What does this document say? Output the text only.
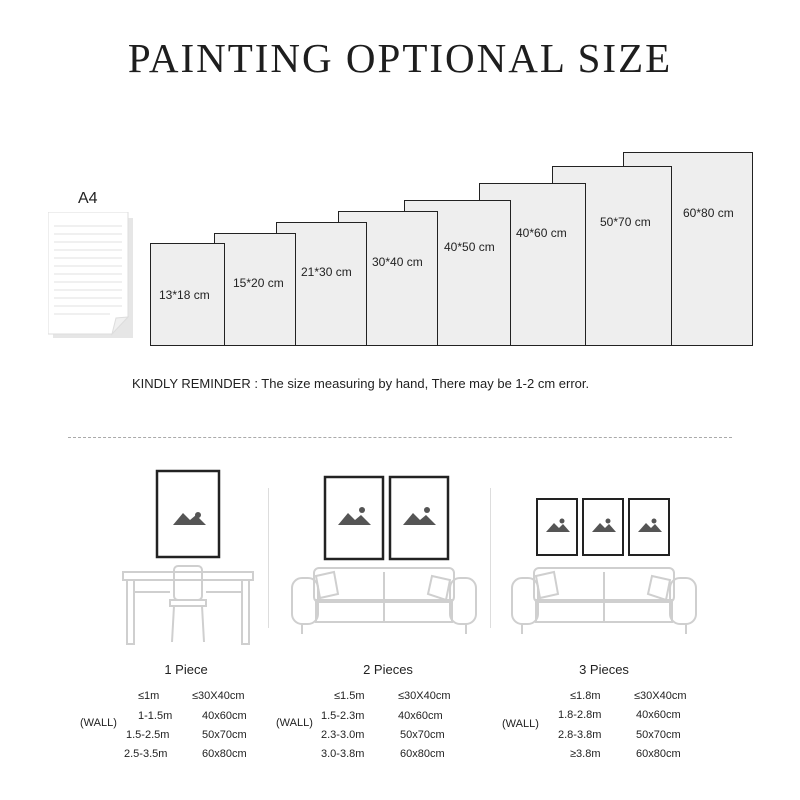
PAINTING OPTIONAL SIZE
A4
13*18 cm
15*20 cm
21*30 cm
30*40 cm
40*50 cm
40*60 cm
50*70 cm
60*80 cm
KINDLY REMINDER : The size measuring by hand, There may be 1-2 cm error.
1 Piece
(WALL)
≤1m	≤30X40cm
1-1.5m	40x60cm
1.5-2.5m	50x70cm
2.5-3.5m	60x80cm
2 Pieces
(WALL)
≤1.5m	≤30X40cm
1.5-2.3m	40x60cm
2.3-3.0m	50x70cm
3.0-3.8m	60x80cm
3 Pieces
(WALL)
≤1.8m	≤30X40cm
1.8-2.8m	40x60cm
2.8-3.8m	50x70cm
≥3.8m	60x80cm
